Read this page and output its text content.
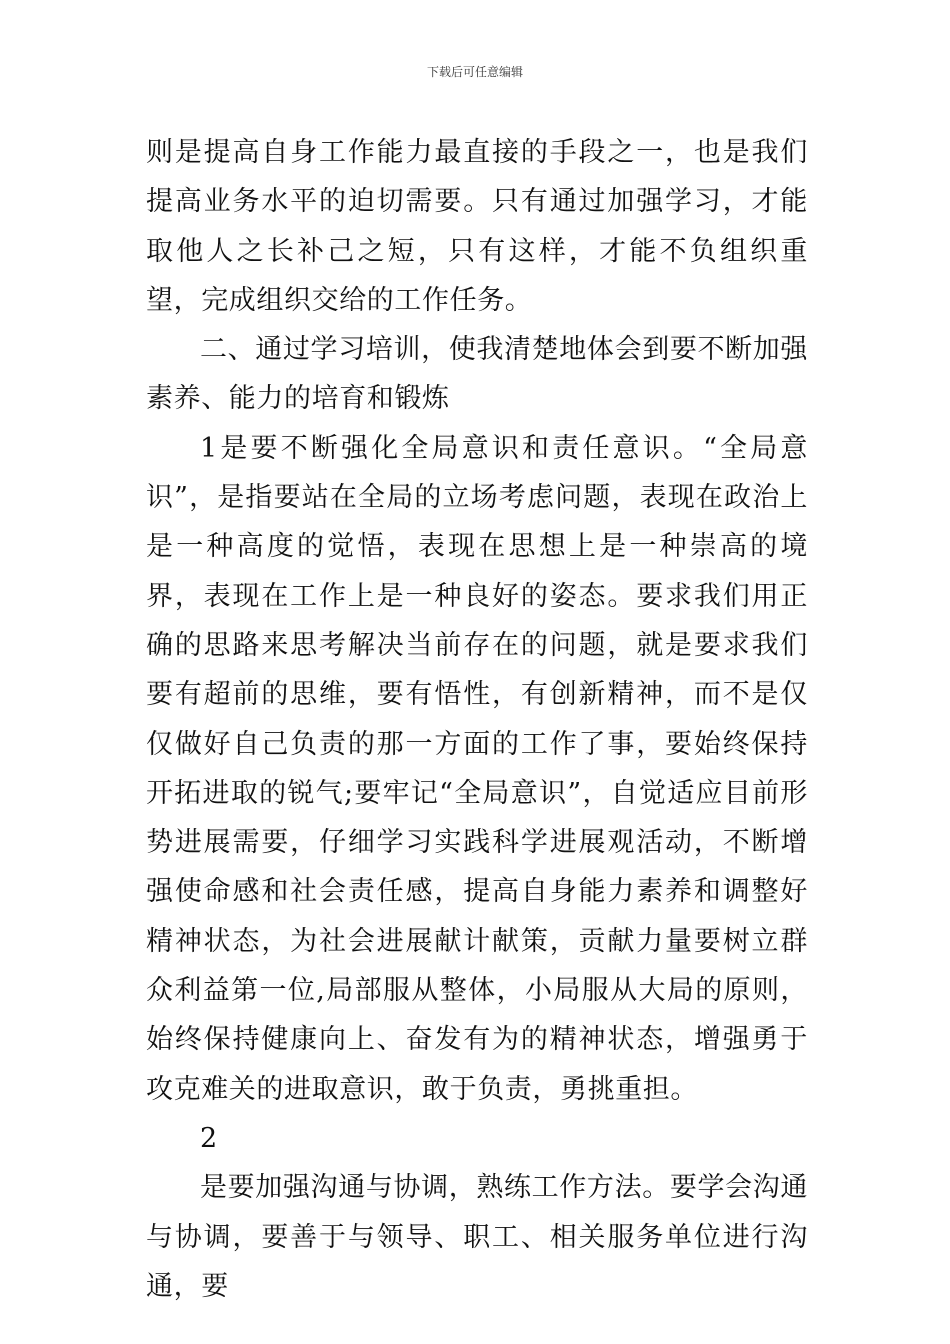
下载后可任意编辑

则是提高自身工作能力最直接的手段之一，也是我们提高业务水平的迫切需要。只有通过加强学习，才能取他人之长补己之短，只有这样，才能不负组织重望，完成组织交给的工作任务。

二、通过学习培训，使我清楚地体会到要不断加强素养、能力的培育和锻炼

1是要不断强化全局意识和责任意识。“全局意识”，是指要站在全局的立场考虑问题，表现在政治上是一种高度的觉悟，表现在思想上是一种崇高的境界，表现在工作上是一种良好的姿态。要求我们用正确的思路来思考解决当前存在的问题，就是要求我们要有超前的思维，要有悟性，有创新精神，而不是仅仅做好自己负责的那一方面的工作了事，要始终保持开拓进取的锐气;要牢记“全局意识”，自觉适应目前形势进展需要，仔细学习实践科学进展观活动，不断增强使命感和社会责任感，提高自身能力素养和调整好精神状态，为社会进展献计献策，贡献力量要树立群众利益第一位,局部服从整体，小局服从大局的原则，始终保持健康向上、奋发有为的精神状态，增强勇于攻克难关的进取意识，敢于负责，勇挑重担。

2

是要加强沟通与协调，熟练工作方法。要学会沟通与协调，要善于与领导、职工、相关服务单位进行沟通，要
